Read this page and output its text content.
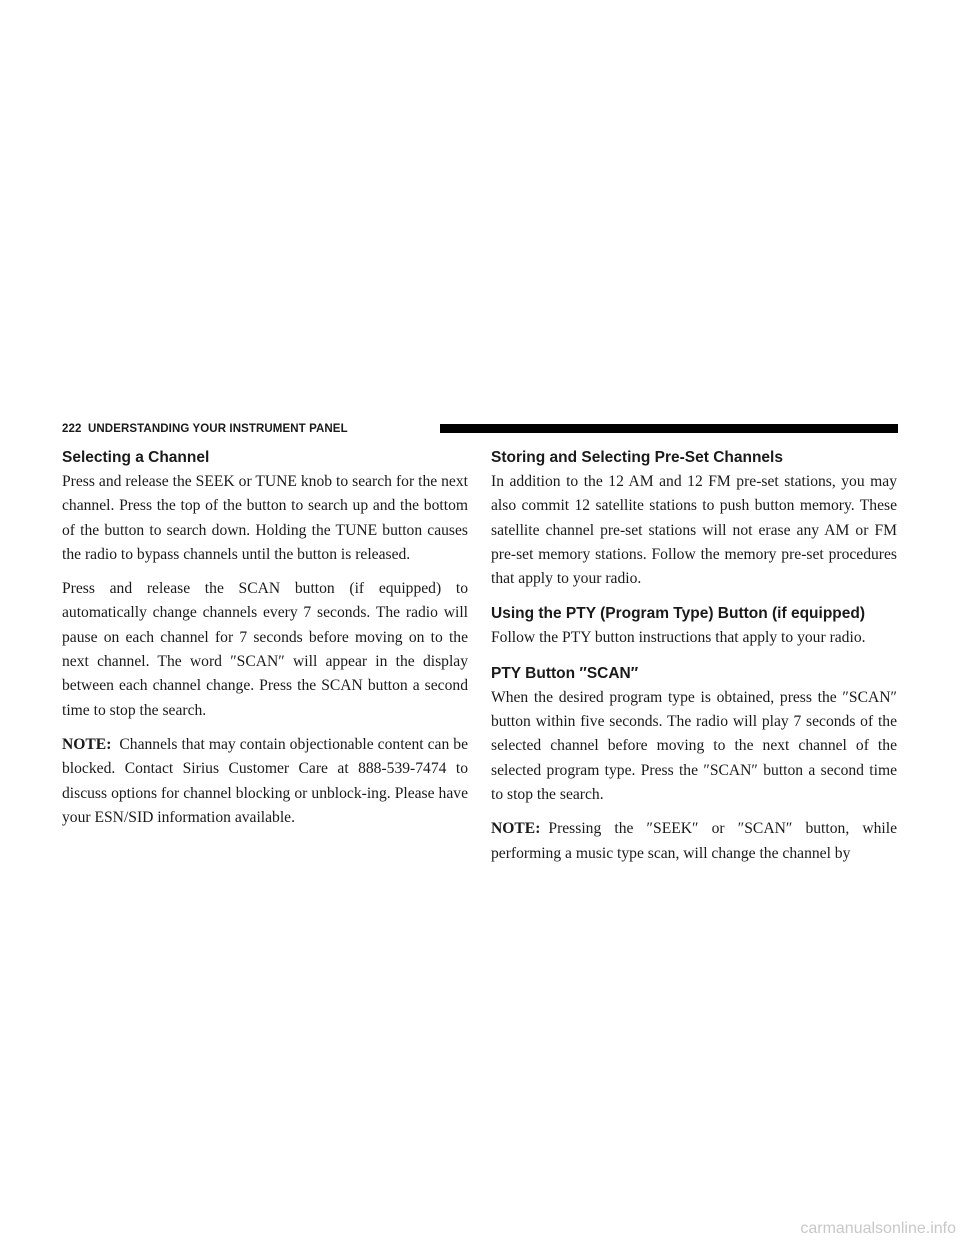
222 UNDERSTANDING YOUR INSTRUMENT PANEL
Selecting a Channel

Press and release the SEEK or TUNE knob to search for the next channel. Press the top of the button to search up and the bottom of the button to search down. Holding the TUNE button causes the radio to bypass channels until the button is released.

Press and release the SCAN button (if equipped) to automatically change channels every 7 seconds. The radio will pause on each channel for 7 seconds before moving on to the next channel. The word ″SCAN″ will appear in the display between each channel change. Press the SCAN button a second time to stop the search.

NOTE: Channels that may contain objectionable content can be blocked. Contact Sirius Customer Care at 888-539-7474 to discuss options for channel blocking or unblock-ing. Please have your ESN/SID information available.

Storing and Selecting Pre-Set Channels

In addition to the 12 AM and 12 FM pre-set stations, you may also commit 12 satellite stations to push button memory. These satellite channel pre-set stations will not erase any AM or FM pre-set memory stations. Follow the memory pre-set procedures that apply to your radio.

Using the PTY (Program Type) Button (if equipped)

Follow the PTY button instructions that apply to your radio.

PTY Button ″SCAN″

When the desired program type is obtained, press the ″SCAN″ button within five seconds. The radio will play 7 seconds of the selected channel before moving to the next channel of the selected program type. Press the ″SCAN″ button a second time to stop the search.

NOTE: Pressing the ″SEEK″ or ″SCAN″ button, while performing a music type scan, will change the channel by

carmanualsonline.info
